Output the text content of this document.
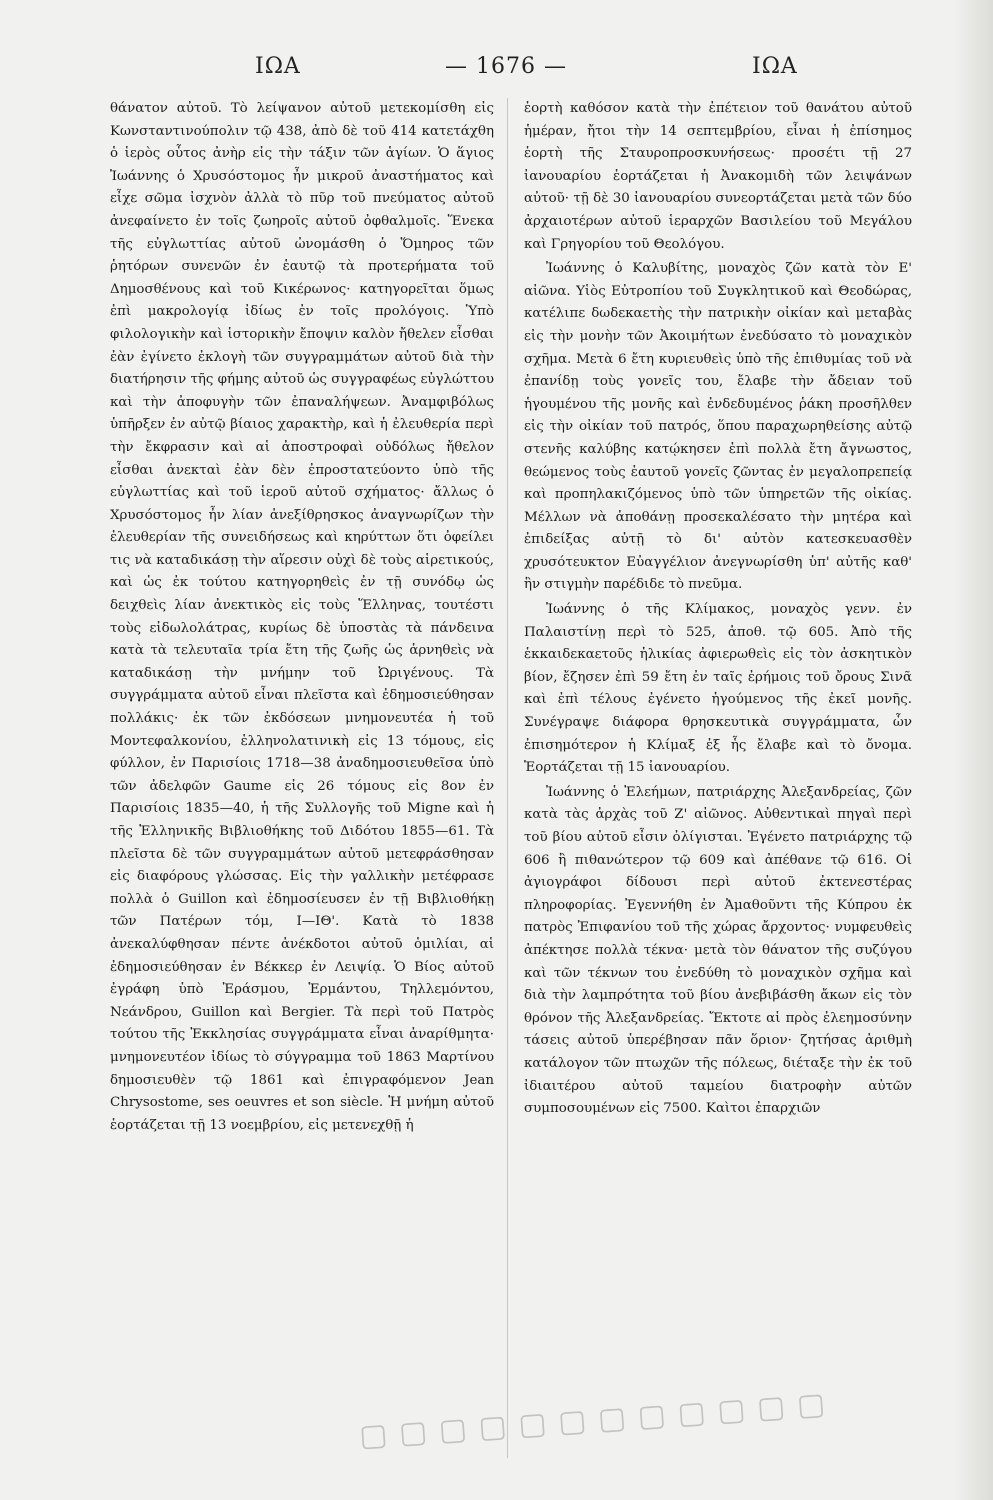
ΙΩΑ	— 1676 —	ΙΩΑ

θάνατον αὐτοῦ. Τὸ λείψανον αὐτοῦ μετεκομίσθη εἰς Κωνσταντινούπολιν τῷ 438, ἀπὸ δὲ τοῦ 414 κατετάχθη ὁ ἱερὸς οὗτος ἀνὴρ εἰς τὴν τάξιν τῶν ἁγίων. Ὁ ἅγιος Ἰωάννης ὁ Χρυσόστομος ἦν μικροῦ ἀναστήματος καὶ εἶχε σῶμα ἰσχνὸν ἀλλὰ τὸ πῦρ τοῦ πνεύματος αὐτοῦ ἀνεφαίνετο ἐν τοῖς ζωηροῖς αὐτοῦ ὀφθαλμοῖς. Ἕνεκα τῆς εὐγλωττίας αὐτοῦ ὠνομάσθη ὁ Ὅμηρος τῶν ῥητόρων συνενῶν ἐν ἑαυτῷ τὰ προτερήματα τοῦ Δημοσθένους καὶ τοῦ Κικέρωνος· κατηγορεῖται ὅμως ἐπὶ μακρολογίᾳ ἰδίως ἐν τοῖς προλόγοις. Ὑπὸ φιλολογικὴν καὶ ἱστορικὴν ἔποψιν καλὸν ἤθελεν εἶσθαι ἐὰν ἐγίνετο ἐκλογὴ τῶν συγγραμμάτων αὐτοῦ διὰ τὴν διατήρησιν τῆς φήμης αὐτοῦ ὡς συγγραφέως εὐγλώττου καὶ τὴν ἀποφυγὴν τῶν ἐπαναλήψεων. Ἀναμφιβόλως ὑπῆρξεν ἐν αὐτῷ βίαιος χαρακτὴρ, καὶ ἡ ἐλευθερία περὶ τὴν ἔκφρασιν καὶ αἱ ἀποστροφαὶ οὐδόλως ἤθελον εἶσθαι ἀνεκταὶ ἐὰν δὲν ἐπροστατεύοντο ὑπὸ τῆς εὐγλωττίας καὶ τοῦ ἱεροῦ αὐτοῦ σχήματος· ἄλλως ὁ Χρυσόστομος ἦν λίαν ἀνεξίθρησκος ἀναγνωρίζων τὴν ἐλευθερίαν τῆς συνειδήσεως καὶ κηρύττων ὅτι ὀφείλει τις νὰ καταδικάσῃ τὴν αἵρεσιν οὐχὶ δὲ τοὺς αἱρετικούς, καὶ ὡς ἐκ τούτου κατηγορηθεὶς ἐν τῇ συνόδῳ ὡς δειχθεὶς λίαν ἀνεκτικὸς εἰς τοὺς Ἕλληνας, τουτέστι τοὺς εἰδωλολάτρας, κυρίως δὲ ὑποστὰς τὰ πάνδεινα κατὰ τὰ τελευταῖα τρία ἔτη τῆς ζωῆς ὡς ἀρνηθεὶς νὰ καταδικάσῃ τὴν μνήμην τοῦ Ὠριγένους. Τὰ συγγράμματα αὐτοῦ εἶναι πλεῖστα καὶ ἐδημοσιεύθησαν πολλάκις· ἐκ τῶν ἐκδόσεων μνημονευτέα ἡ τοῦ Μοντεφαλκονίου, ἑλληνολατινικὴ εἰς 13 τόμους, εἰς φύλλον, ἐν Παρισίοις 1718—38 ἀναδημοσιευθεῖσα ὑπὸ τῶν ἀδελφῶν Gaume εἰς 26 τόμους εἰς 8ον ἐν Παρισίοις 1835—40, ἡ τῆς Συλλογῆς τοῦ Migne καὶ ἡ τῆς Ἑλληνικῆς Βιβλιοθήκης τοῦ Διδότου 1855—61. Τὰ πλεῖστα δὲ τῶν συγγραμμάτων αὐτοῦ μετεφράσθησαν εἰς διαφόρους γλώσσας. Εἰς τὴν γαλλικὴν μετέφρασε πολλὰ ὁ Guillon καὶ ἐδημοσίευσεν ἐν τῇ Βιβλιοθήκῃ τῶν Πατέρων τόμ, Ι—ΙΘ'. Κατὰ τὸ 1838 ἀνεκαλύφθησαν πέντε ἀνέκδοτοι αὐτοῦ ὁμιλίαι, αἱ ἐδημοσιεύθησαν ἐν Βέκκερ ἐν Λειψίᾳ. Ὁ Βίος αὐτοῦ ἐγράφη ὑπὸ Ἐράσμου, Ἑρμάντου, Τηλλεμόντου, Νεάνδρου, Guillon καὶ Bergier. Τὰ περὶ τοῦ Πατρὸς τούτου τῆς Ἐκκλησίας συγγράμματα εἶναι ἀναρίθμητα· μνημονευτέον ἰδίως τὸ σύγγραμμα τοῦ 1863 Μαρτίνου δημοσιευθὲν τῷ 1861 καὶ ἐπιγραφόμενον Jean Chrysostome, ses oeuvres et son siècle. Ἡ μνήμη αὐτοῦ ἑορτάζεται τῇ 13 νοεμβρίου, εἰς μετενεχθῇ ἡ

ἑορτὴ καθόσον κατὰ τὴν ἐπέτειον τοῦ θανάτου αὐτοῦ ἡμέραν, ἤτοι τὴν 14 σεπτεμβρίου, εἶναι ἡ ἐπίσημος ἑορτὴ τῆς Σταυροπροσκυνήσεως· προσέτι τῇ 27 ἰανουαρίου ἑορτάζεται ἡ Ἀνακομιδὴ τῶν λειψάνων αὐτοῦ· τῇ δὲ 30 ἰανουαρίου συνεορτάζεται μετὰ τῶν δύο ἀρχαιοτέρων αὐτοῦ ἱεραρχῶν Βασιλείου τοῦ Μεγάλου καὶ Γρηγορίου τοῦ Θεολόγου.

Ἰωάννης ὁ Καλυβίτης, μοναχὸς ζῶν κατὰ τὸν Ε' αἰῶνα. Υἱὸς Εὐτροπίου τοῦ Συγκλητικοῦ καὶ Θεοδώρας, κατέλιπε δωδεκαετὴς τὴν πατρικὴν οἰκίαν καὶ μεταβὰς εἰς τὴν μονὴν τῶν Ἀκοιμήτων ἐνεδύσατο τὸ μοναχικὸν σχῆμα. Μετὰ 6 ἔτη κυριευθεὶς ὑπὸ τῆς ἐπιθυμίας τοῦ νὰ ἐπανίδῃ τοὺς γονεῖς του, ἔλαβε τὴν ἄδειαν τοῦ ἡγουμένου τῆς μονῆς καὶ ἐνδεδυμένος ῥάκη προσῆλθεν εἰς τὴν οἰκίαν τοῦ πατρός, ὅπου παραχωρηθείσης αὐτῷ στενῆς καλύβης κατῴκησεν ἐπὶ πολλὰ ἔτη ἄγνωστος, θεώμενος τοὺς ἑαυτοῦ γονεῖς ζῶντας ἐν μεγαλοπρεπείᾳ καὶ προπηλακιζόμενος ὑπὸ τῶν ὑπηρετῶν τῆς οἰκίας. Μέλλων νὰ ἀποθάνῃ προσεκαλέσατο τὴν μητέρα καὶ ἐπιδείξας αὐτῇ τὸ δι' αὐτὸν κατεσκευασθὲν χρυσότευκτον Εὐαγγέλιον ἀνεγνωρίσθη ὑπ' αὐτῆς καθ' ἣν στιγμὴν παρέδιδε τὸ πνεῦμα.

Ἰωάννης ὁ τῆς Κλίμακος, μοναχὸς γενν. ἐν Παλαιστίνῃ περὶ τὸ 525, ἀποθ. τῷ 605. Ἀπὸ τῆς ἑκκαιδεκαετοῦς ἡλικίας ἀφιερωθεὶς εἰς τὸν ἀσκητικὸν βίον, ἔζησεν ἐπὶ 59 ἔτη ἐν ταῖς ἐρήμοις τοῦ ὄρους Σινᾶ καὶ ἐπὶ τέλους ἐγένετο ἡγούμενος τῆς ἐκεῖ μονῆς. Συνέγραψε διάφορα θρησκευτικὰ συγγράμματα, ὧν ἐπισημότερον ἡ Κλίμαξ ἐξ ἧς ἔλαβε καὶ τὸ ὄνομα. Ἑορτάζεται τῇ 15 ἰανουαρίου.

Ἰωάννης ὁ Ἐλεήμων, πατριάρχης Ἀλεξανδρείας, ζῶν κατὰ τὰς ἀρχὰς τοῦ Ζ' αἰῶνος. Αὐθεντικαὶ πηγαὶ περὶ τοῦ βίου αὐτοῦ εἶσιν ὀλίγισται. Ἐγένετο πατριάρχης τῷ 606 ἢ πιθανώτερον τῷ 609 καὶ ἀπέθανε τῷ 616. Οἱ ἀγιογράφοι δίδουσι περὶ αὐτοῦ ἐκτενεστέρας πληροφορίας. Ἐγεννήθη ἐν Ἀμαθοῦντι τῆς Κύπρου ἐκ πατρὸς Ἐπιφανίου τοῦ τῆς χώρας ἄρχοντος· νυμφευθεὶς ἀπέκτησε πολλὰ τέκνα· μετὰ τὸν θάνατον τῆς συζύγου καὶ τῶν τέκνων του ἐνεδύθη τὸ μοναχικὸν σχῆμα καὶ διὰ τὴν λαμπρότητα τοῦ βίου ἀνεβιβάσθη ἄκων εἰς τὸν θρόνον τῆς Ἀλεξανδρείας. Ἔκτοτε αἱ πρὸς ἐλεημοσύνην τάσεις αὐτοῦ ὑπερέβησαν πᾶν ὅριον· ζητήσας ἀριθμὴ κατάλογον τῶν πτωχῶν τῆς πόλεως, διέταξε τὴν ἐκ τοῦ ἰδιαιτέρου αὐτοῦ ταμείου διατροφὴν αὐτῶν συμποσουμένων εἰς 7500. Καὶτοι ἐπαρχιῶν

▢ ▢ ▢ ▢ ▢ ▢ ▢ ▢ ▢ ▢ ▢ ▢
